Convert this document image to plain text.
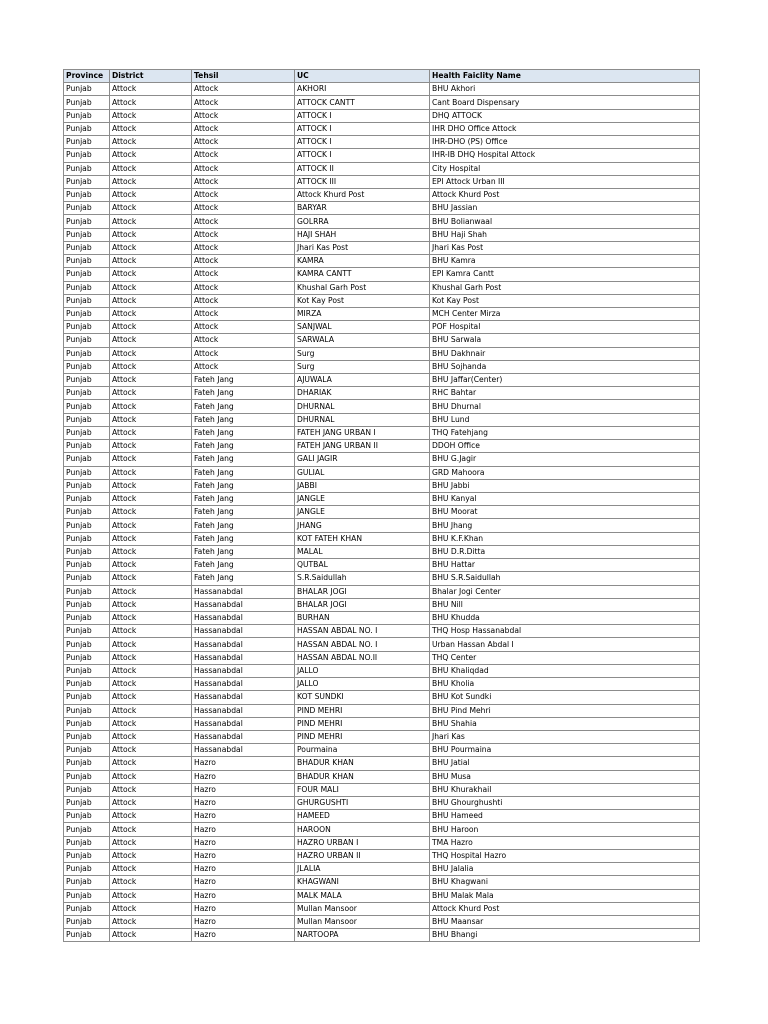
Province	District	Tehsil	UC	Health Faiclity Name
Punjab	Attock	Attock	AKHORI	BHU Akhori
Punjab	Attock	Attock	ATTOCK CANTT	Cant Board Dispensary
Punjab	Attock	Attock	ATTOCK I	DHQ ATTOCK
Punjab	Attock	Attock	ATTOCK I	IHR DHO Office Attock
Punjab	Attock	Attock	ATTOCK I	IHR-DHO (PS) Office
Punjab	Attock	Attock	ATTOCK I	IHR-IB DHQ Hospital Attock
Punjab	Attock	Attock	ATTOCK II	City Hospital
Punjab	Attock	Attock	ATTOCK III	EPI Attock Urban III
Punjab	Attock	Attock	Attock Khurd Post	Attock Khurd Post
Punjab	Attock	Attock	BARYAR	BHU Jassian
Punjab	Attock	Attock	GOLRRA	BHU Bolianwaal
Punjab	Attock	Attock	HAJI SHAH	BHU Haji Shah
Punjab	Attock	Attock	Jhari Kas Post	Jhari Kas Post
Punjab	Attock	Attock	KAMRA	BHU Kamra
Punjab	Attock	Attock	KAMRA CANTT	EPI Kamra Cantt
Punjab	Attock	Attock	Khushal Garh Post	Khushal Garh Post
Punjab	Attock	Attock	Kot Kay Post	Kot Kay Post
Punjab	Attock	Attock	MIRZA	MCH Center Mirza
Punjab	Attock	Attock	SANJWAL	POF Hospital
Punjab	Attock	Attock	SARWALA	BHU Sarwala
Punjab	Attock	Attock	Surg	BHU Dakhnair
Punjab	Attock	Attock	Surg	BHU Sojhanda
Punjab	Attock	Fateh Jang	AJUWALA	BHU Jaffar(Center)
Punjab	Attock	Fateh Jang	DHARIAK	RHC Bahtar
Punjab	Attock	Fateh Jang	DHURNAL	BHU Dhurnal
Punjab	Attock	Fateh Jang	DHURNAL	BHU Lund
Punjab	Attock	Fateh Jang	FATEH JANG URBAN I	THQ Fatehjang
Punjab	Attock	Fateh Jang	FATEH JANG URBAN II	DDOH Office
Punjab	Attock	Fateh Jang	GALI JAGIR	BHU G.Jagir
Punjab	Attock	Fateh Jang	GULIAL	GRD Mahoora
Punjab	Attock	Fateh Jang	JABBI	BHU Jabbi
Punjab	Attock	Fateh Jang	JANGLE	BHU Kanyal
Punjab	Attock	Fateh Jang	JANGLE	BHU Moorat
Punjab	Attock	Fateh Jang	JHANG	BHU Jhang
Punjab	Attock	Fateh Jang	KOT FATEH KHAN	BHU K.F.Khan
Punjab	Attock	Fateh Jang	MALAL	BHU D.R.Ditta
Punjab	Attock	Fateh Jang	QUTBAL	BHU Hattar
Punjab	Attock	Fateh Jang	S.R.Saidullah	BHU S.R.Saidullah
Punjab	Attock	Hassanabdal	BHALAR JOGI	Bhalar Jogi Center
Punjab	Attock	Hassanabdal	BHALAR JOGI	BHU Nill
Punjab	Attock	Hassanabdal	BURHAN	BHU Khudda
Punjab	Attock	Hassanabdal	HASSAN ABDAL NO. I	THQ Hosp Hassanabdal
Punjab	Attock	Hassanabdal	HASSAN ABDAL NO. I	Urban Hassan Abdal I
Punjab	Attock	Hassanabdal	HASSAN ABDAL NO.II	THQ Center
Punjab	Attock	Hassanabdal	JALLO	BHU Khaliqdad
Punjab	Attock	Hassanabdal	JALLO	BHU Kholia
Punjab	Attock	Hassanabdal	KOT SUNDKI	BHU Kot Sundki
Punjab	Attock	Hassanabdal	PIND MEHRI	BHU Pind Mehri
Punjab	Attock	Hassanabdal	PIND MEHRI	BHU Shahia
Punjab	Attock	Hassanabdal	PIND MEHRI	Jhari Kas
Punjab	Attock	Hassanabdal	Pourmaina	BHU Pourmaina
Punjab	Attock	Hazro	BHADUR KHAN	BHU Jatial
Punjab	Attock	Hazro	BHADUR KHAN	BHU Musa
Punjab	Attock	Hazro	FOUR MALI	BHU Khurakhail
Punjab	Attock	Hazro	GHURGUSHTI	BHU Ghourghushti
Punjab	Attock	Hazro	HAMEED	BHU Hameed
Punjab	Attock	Hazro	HAROON	BHU Haroon
Punjab	Attock	Hazro	HAZRO URBAN I	TMA Hazro
Punjab	Attock	Hazro	HAZRO URBAN II	THQ Hospital Hazro
Punjab	Attock	Hazro	JLALIA	BHU Jalalia
Punjab	Attock	Hazro	KHAGWANI	BHU Khagwani
Punjab	Attock	Hazro	MALK MALA	BHU Malak Mala
Punjab	Attock	Hazro	Mullan Mansoor	Attock Khurd Post
Punjab	Attock	Hazro	Mullan Mansoor	BHU Maansar
Punjab	Attock	Hazro	NARTOOPA	BHU Bhangi
